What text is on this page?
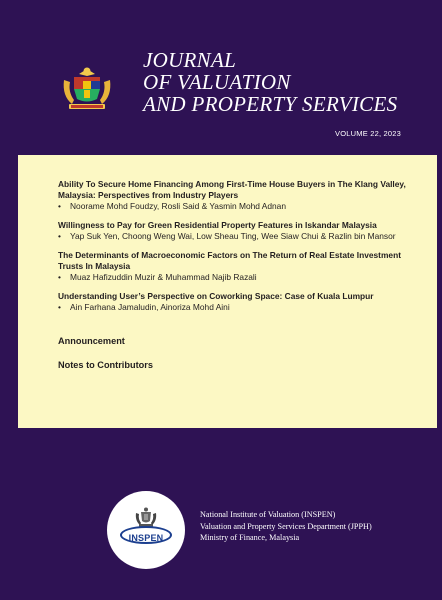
JOURNAL
OF VALUATION
AND PROPERTY SERVICES
VOLUME 22, 2023
Ability To Secure Home Financing Among First-Time House Buyers in The Klang Valley, Malaysia: Perspectives from Industry Players
•	Noorame Mohd Foudzy, Rosli Said & Yasmin Mohd Adnan
Willingness to Pay for Green Residential Property Features in Iskandar Malaysia
•	Yap Suk Yen, Choong Weng Wai, Low Sheau Ting, Wee Siaw Chui & Razlin bin Mansor
The Determinants of Macroeconomic Factors on The Return of Real Estate Investment Trusts In Malaysia
•	Muaz Hafizuddin Muzir & Muhammad Najib Razali
Understanding User’s Perspective on Coworking Space: Case of Kuala Lumpur
•	Ain Farhana Jamaludin, Ainoriza Mohd Aini
Announcement
Notes to Contributors
INSPEN
National Institute of Valuation (INSPEN)
Valuation and Property Services Department (JPPH)
Ministry of Finance, Malaysia
